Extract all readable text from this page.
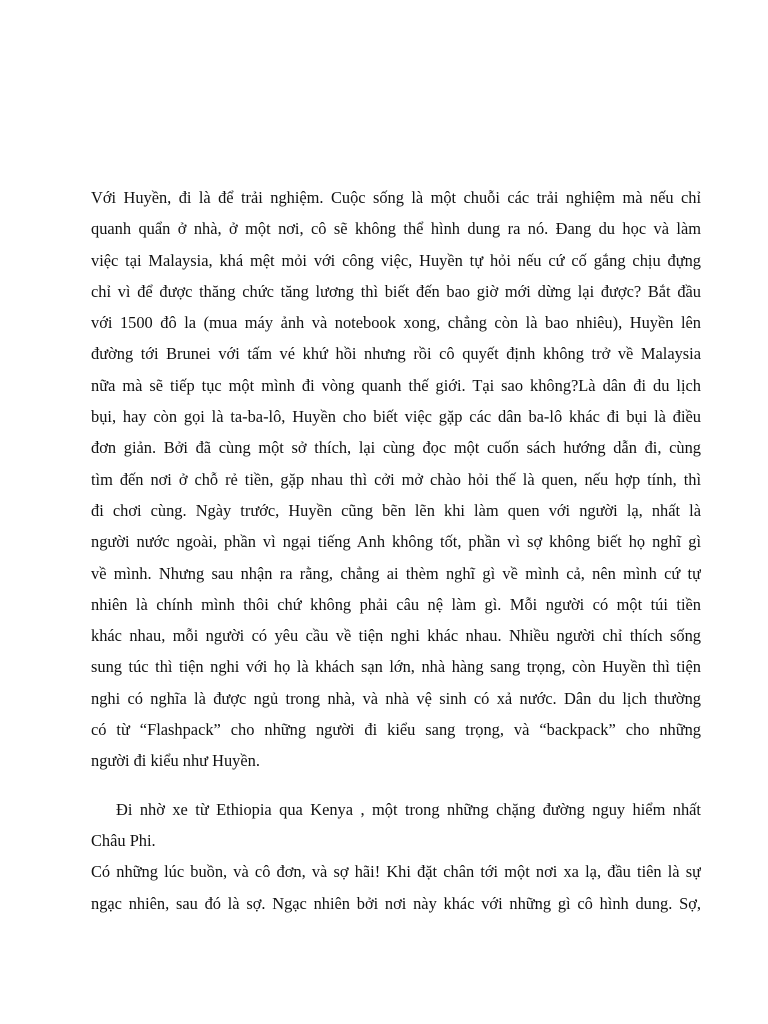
Với Huyền, đi là để trải nghiệm. Cuộc sống là một chuỗi các trải nghiệm mà nếu chỉ
quanh quẩn ở nhà, ở một nơi, cô sẽ không thể hình dung ra nó. Đang du học và làm
việc tại Malaysia, khá mệt mỏi với công việc, Huyền tự hỏi nếu cứ cố gắng chịu đựng
chỉ vì để được thăng chức tăng lương thì biết đến bao giờ mới dừng lại được? Bắt đầu
với 1500 đô la (mua máy ảnh và notebook xong, chẳng còn là bao nhiêu), Huyền lên
đường tới Brunei với tấm vé khứ hồi nhưng rồi cô quyết định không trở về Malaysia
nữa mà sẽ tiếp tục một mình đi vòng quanh thế giới. Tại sao không?Là dân đi du lịch
bụi, hay còn gọi là ta-ba-lô, Huyền cho biết việc gặp các dân ba-lô khác đi bụi là điều
đơn giản. Bởi đã cùng một sở thích, lại cùng đọc một cuốn sách hướng dẫn đi, cùng
tìm đến nơi ở chỗ rẻ tiền, gặp nhau thì cởi mở chào hỏi thế là quen, nếu hợp tính, thì
đi chơi cùng. Ngày trước, Huyền cũng bẽn lẽn khi làm quen với người lạ, nhất là
người nước ngoài, phần vì ngại tiếng Anh không tốt, phần vì sợ không biết họ nghĩ gì
về mình. Nhưng sau nhận ra rằng, chẳng ai thèm nghĩ gì về mình cả, nên mình cứ tự
nhiên là chính mình thôi chứ không phải câu nệ làm gì. Mỗi người có một túi tiền
khác nhau, mỗi người có yêu cầu về tiện nghi khác nhau. Nhiều người chỉ thích sống
sung túc thì tiện nghi với họ là khách sạn lớn, nhà hàng sang trọng, còn Huyền thì tiện
nghi có nghĩa là được ngủ trong nhà, và nhà vệ sinh có xả nước. Dân du lịch thường
có từ “Flashpack” cho những người đi kiểu sang trọng, và “backpack” cho những
người đi kiểu như Huyền.
Đi nhờ xe từ Ethiopia qua Kenya , một trong những chặng đường nguy hiểm nhất
Châu Phi.
Có những lúc buồn, và cô đơn, và sợ hãi! Khi đặt chân tới một nơi xa lạ, đầu tiên là sự
ngạc nhiên, sau đó là sợ. Ngạc nhiên bởi nơi này khác với những gì cô hình dung. Sợ,
